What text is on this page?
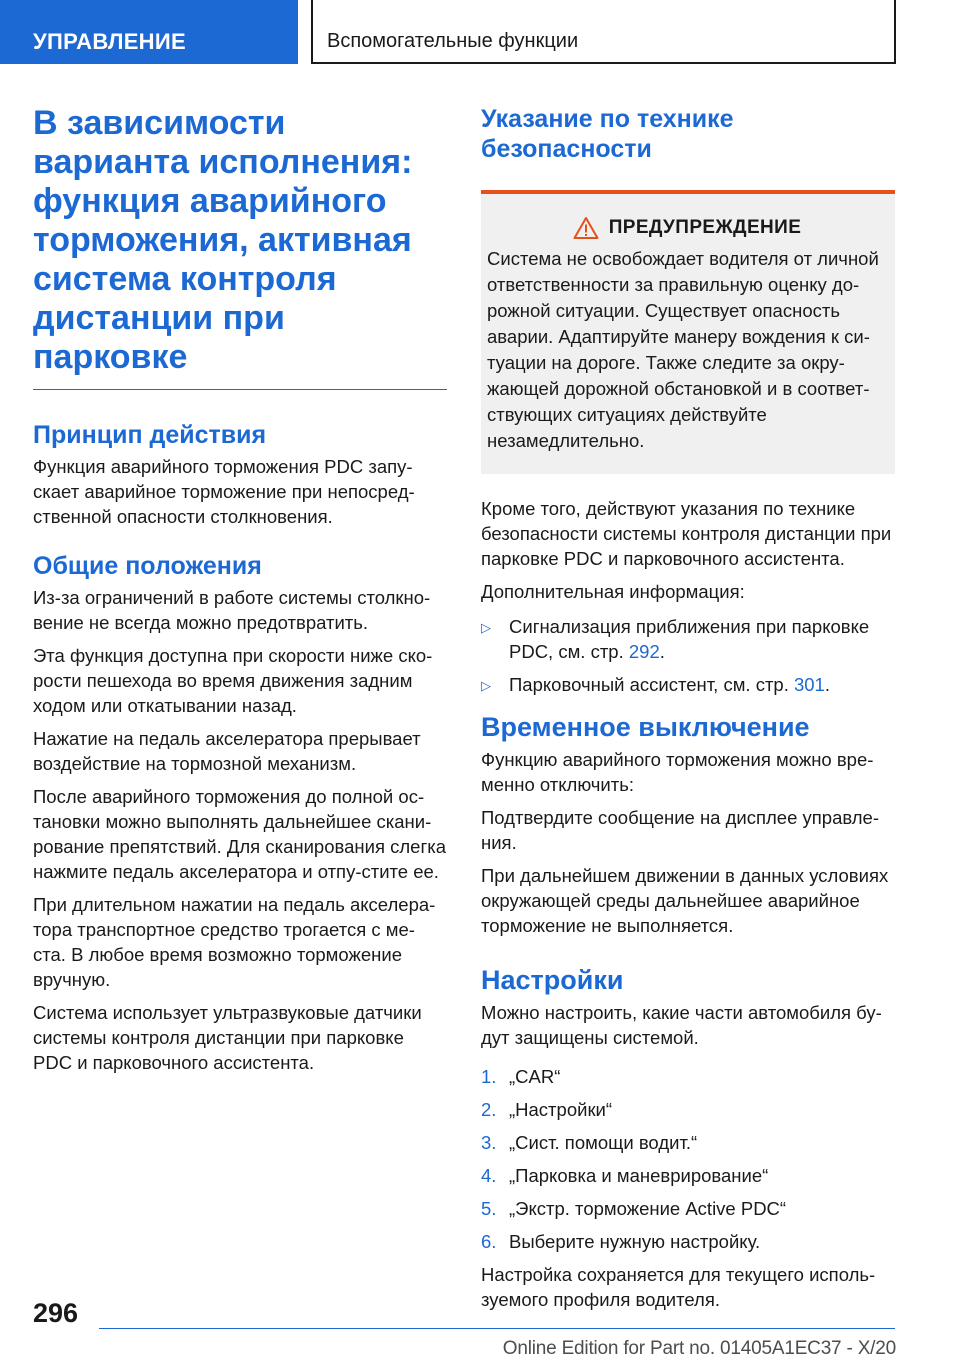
УПРАВЛЕНИЕ	Вспомогательные функции
В зависимости варианта исполнения: функция аварийного торможения, активная система контроля дистанции при парковке
Принцип действия
Функция аварийного торможения PDC запу-скает аварийное торможение при непосред-ственной опасности столкновения.
Общие положения
Из-за ограничений в работе системы столкно-вение не всегда можно предотвратить.
Эта функция доступна при скорости ниже ско-рости пешехода во время движения задним ходом или откатывании назад.
Нажатие на педаль акселератора прерывает воздействие на тормозной механизм.
После аварийного торможения до полной ос-тановки можно выполнять дальнейшее скани-рование препятствий. Для сканирования слегка нажмите педаль акселератора и отпу-стите ее.
При длительном нажатии на педаль акселера-тора транспортное средство трогается с ме-ста. В любое время возможно торможение вручную.
Система использует ультразвуковые датчики системы контроля дистанции при парковке PDC и парковочного ассистента.
Указание по технике безопасности
ПРЕДУПРЕЖДЕНИЕ
Система не освобождает водителя от личной ответственности за правильную оценку до-рожной ситуации. Существует опасность аварии. Адаптируйте манеру вождения к си-туации на дороге. Также следите за окру-жающей дорожной обстановкой и в соответ-ствующих ситуациях действуйте незамедлительно.
Кроме того, действуют указания по технике безопасности системы контроля дистанции при парковке PDC и парковочного ассистента.
Дополнительная информация:
▷ Сигнализация приближения при парковке PDC, см. стр. 292.
▷ Парковочный ассистент, см. стр. 301.
Временное выключение
Функцию аварийного торможения можно вре-менно отключить:
Подтвердите сообщение на дисплее управле-ния.
При дальнейшем движении в данных условиях окружающей среды дальнейшее аварийное торможение не выполняется.
Настройки
Можно настроить, какие части автомобиля бу-дут защищены системой.
1. „CAR“
2. „Настройки“
3. „Сист. помощи водит.“
4. „Парковка и маневрирование“
5. „Экстр. торможение Active PDC“
6. Выберите нужную настройку.
Настройка сохраняется для текущего исполь-зуемого профиля водителя.
296
Online Edition for Part no. 01405A1EC37 - X/20
